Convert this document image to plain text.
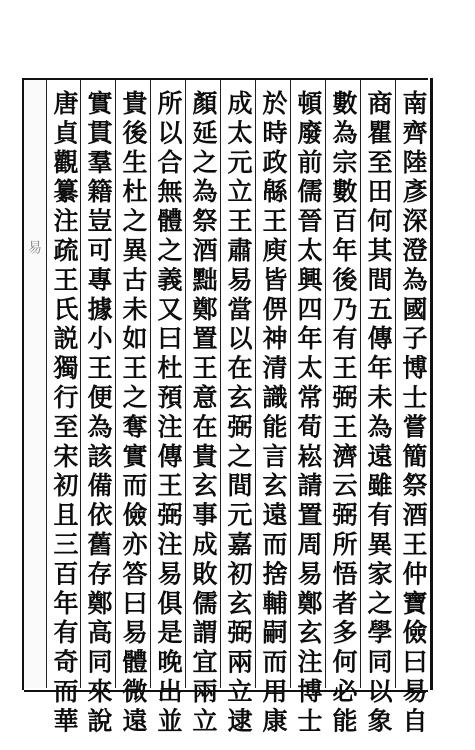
易	南齊陸彥深澄為國子博士嘗簡祭酒王仲寶儉曰易自
商瞿至田何其間五傳年未為遠雖有異家之學同以象
數為宗數百年後乃有王弼王濟云弼所悟者多何必能
頓廢前儒晉太興四年太常荀崧請置周易鄭玄注博士
於時政緜王庾皆㑭神清識能言玄遠而捨輔嗣而用康
成太元立王肅易當以在玄弼之間元嘉初玄弼兩立逮
顏延之為祭酒黜鄭置王意在貴玄事成敗儒謂宜兩立
所以合無體之義又曰杜預注傳王弼注易俱是晚出並
貴後生杜之異古未如王之奪實而儉亦答曰易體微遠
實貫羣籍豈可專據小王便為該備依舊存鄭高同來說
唐貞觀纂注疏王氏説獨行至宋初且三百年有奇而華
